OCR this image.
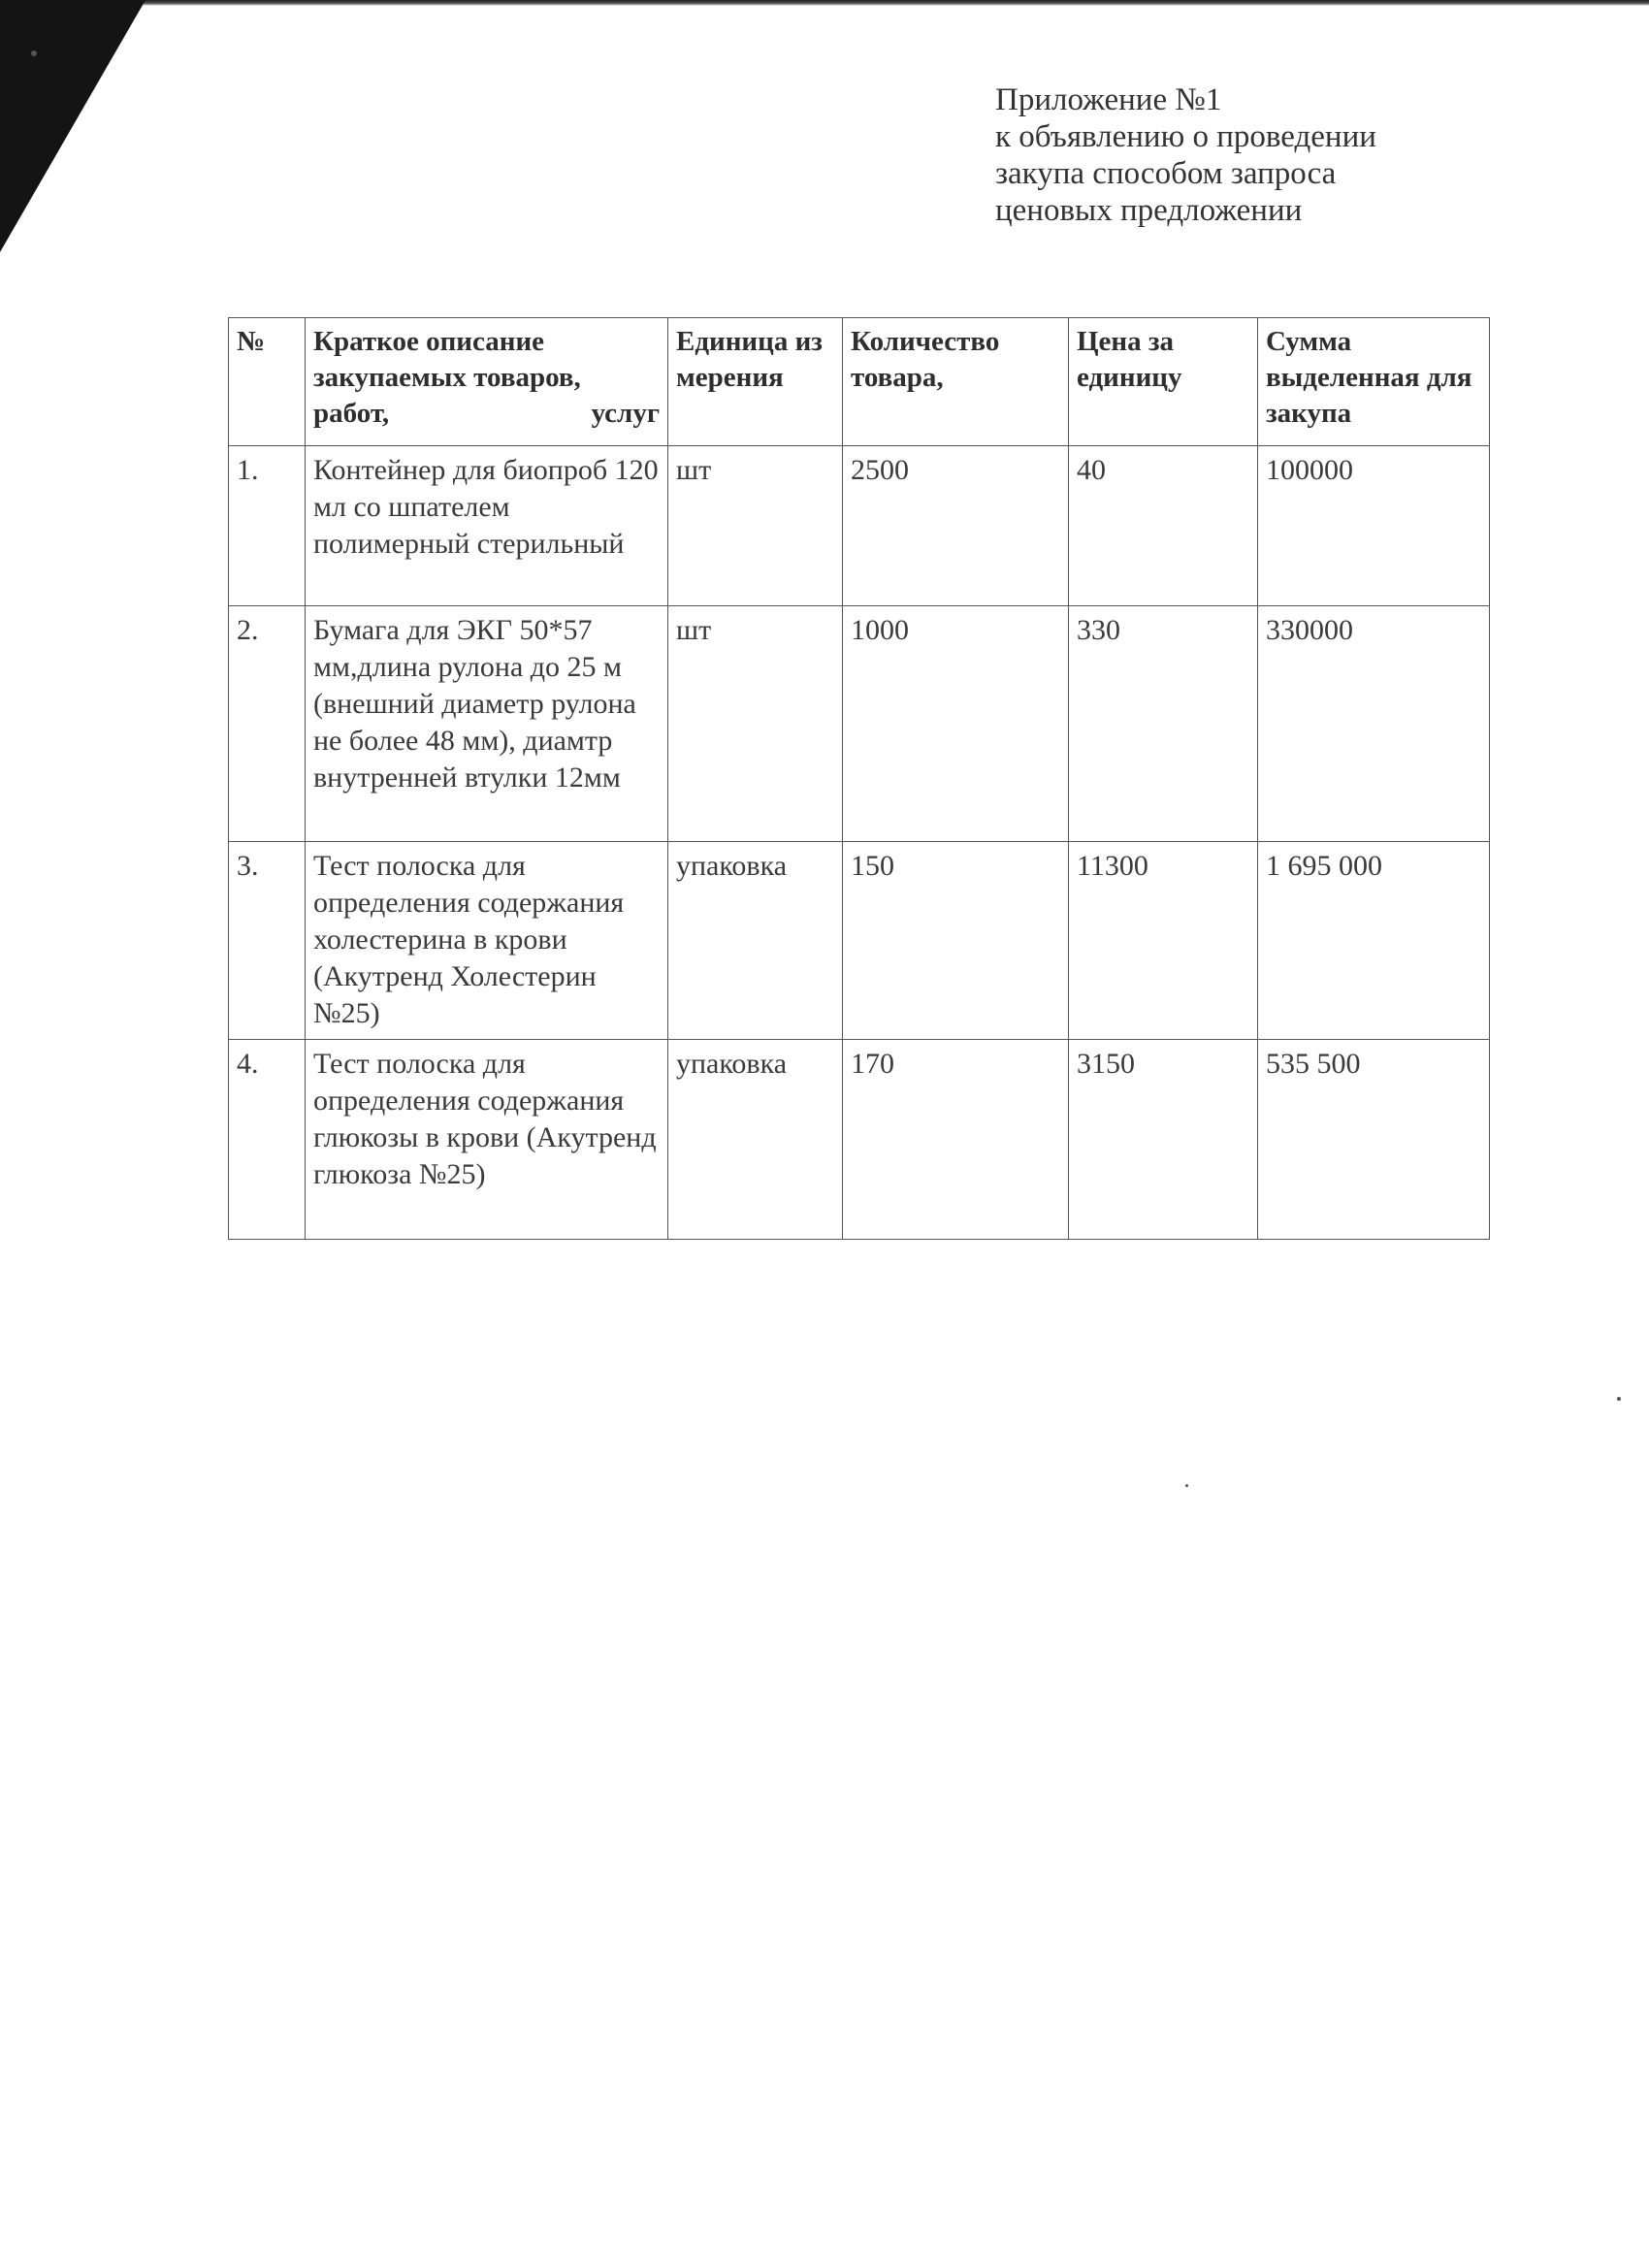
Приложение №1
к объявлению о проведении
закупа способом запроса
ценовых предложении
№	Краткое описание закупаемых товаров, работ, услуг	Единица измерения	Количество товара,	Цена за единицу	Сумма выделенная для закупа
1.	Контейнер для биопроб 120 мл со шпателем полимерный стерильный	шт	2500	40	100000
2.	Бумага для ЭКГ 50*57 мм,длина рулона до 25 м (внешний диаметр рулона не более 48 мм), диамтр внутренней втулки 12мм	шт	1000	330	330000
3.	Тест полоска для определения содержания холестерина в крови (Акутренд Холестерин №25)	упаковка	150	11300	1 695 000
4.	Тест полоска для определения содержания глюкозы в крови (Акутренд глюкоза №25)	упаковка	170	3150	535 500
